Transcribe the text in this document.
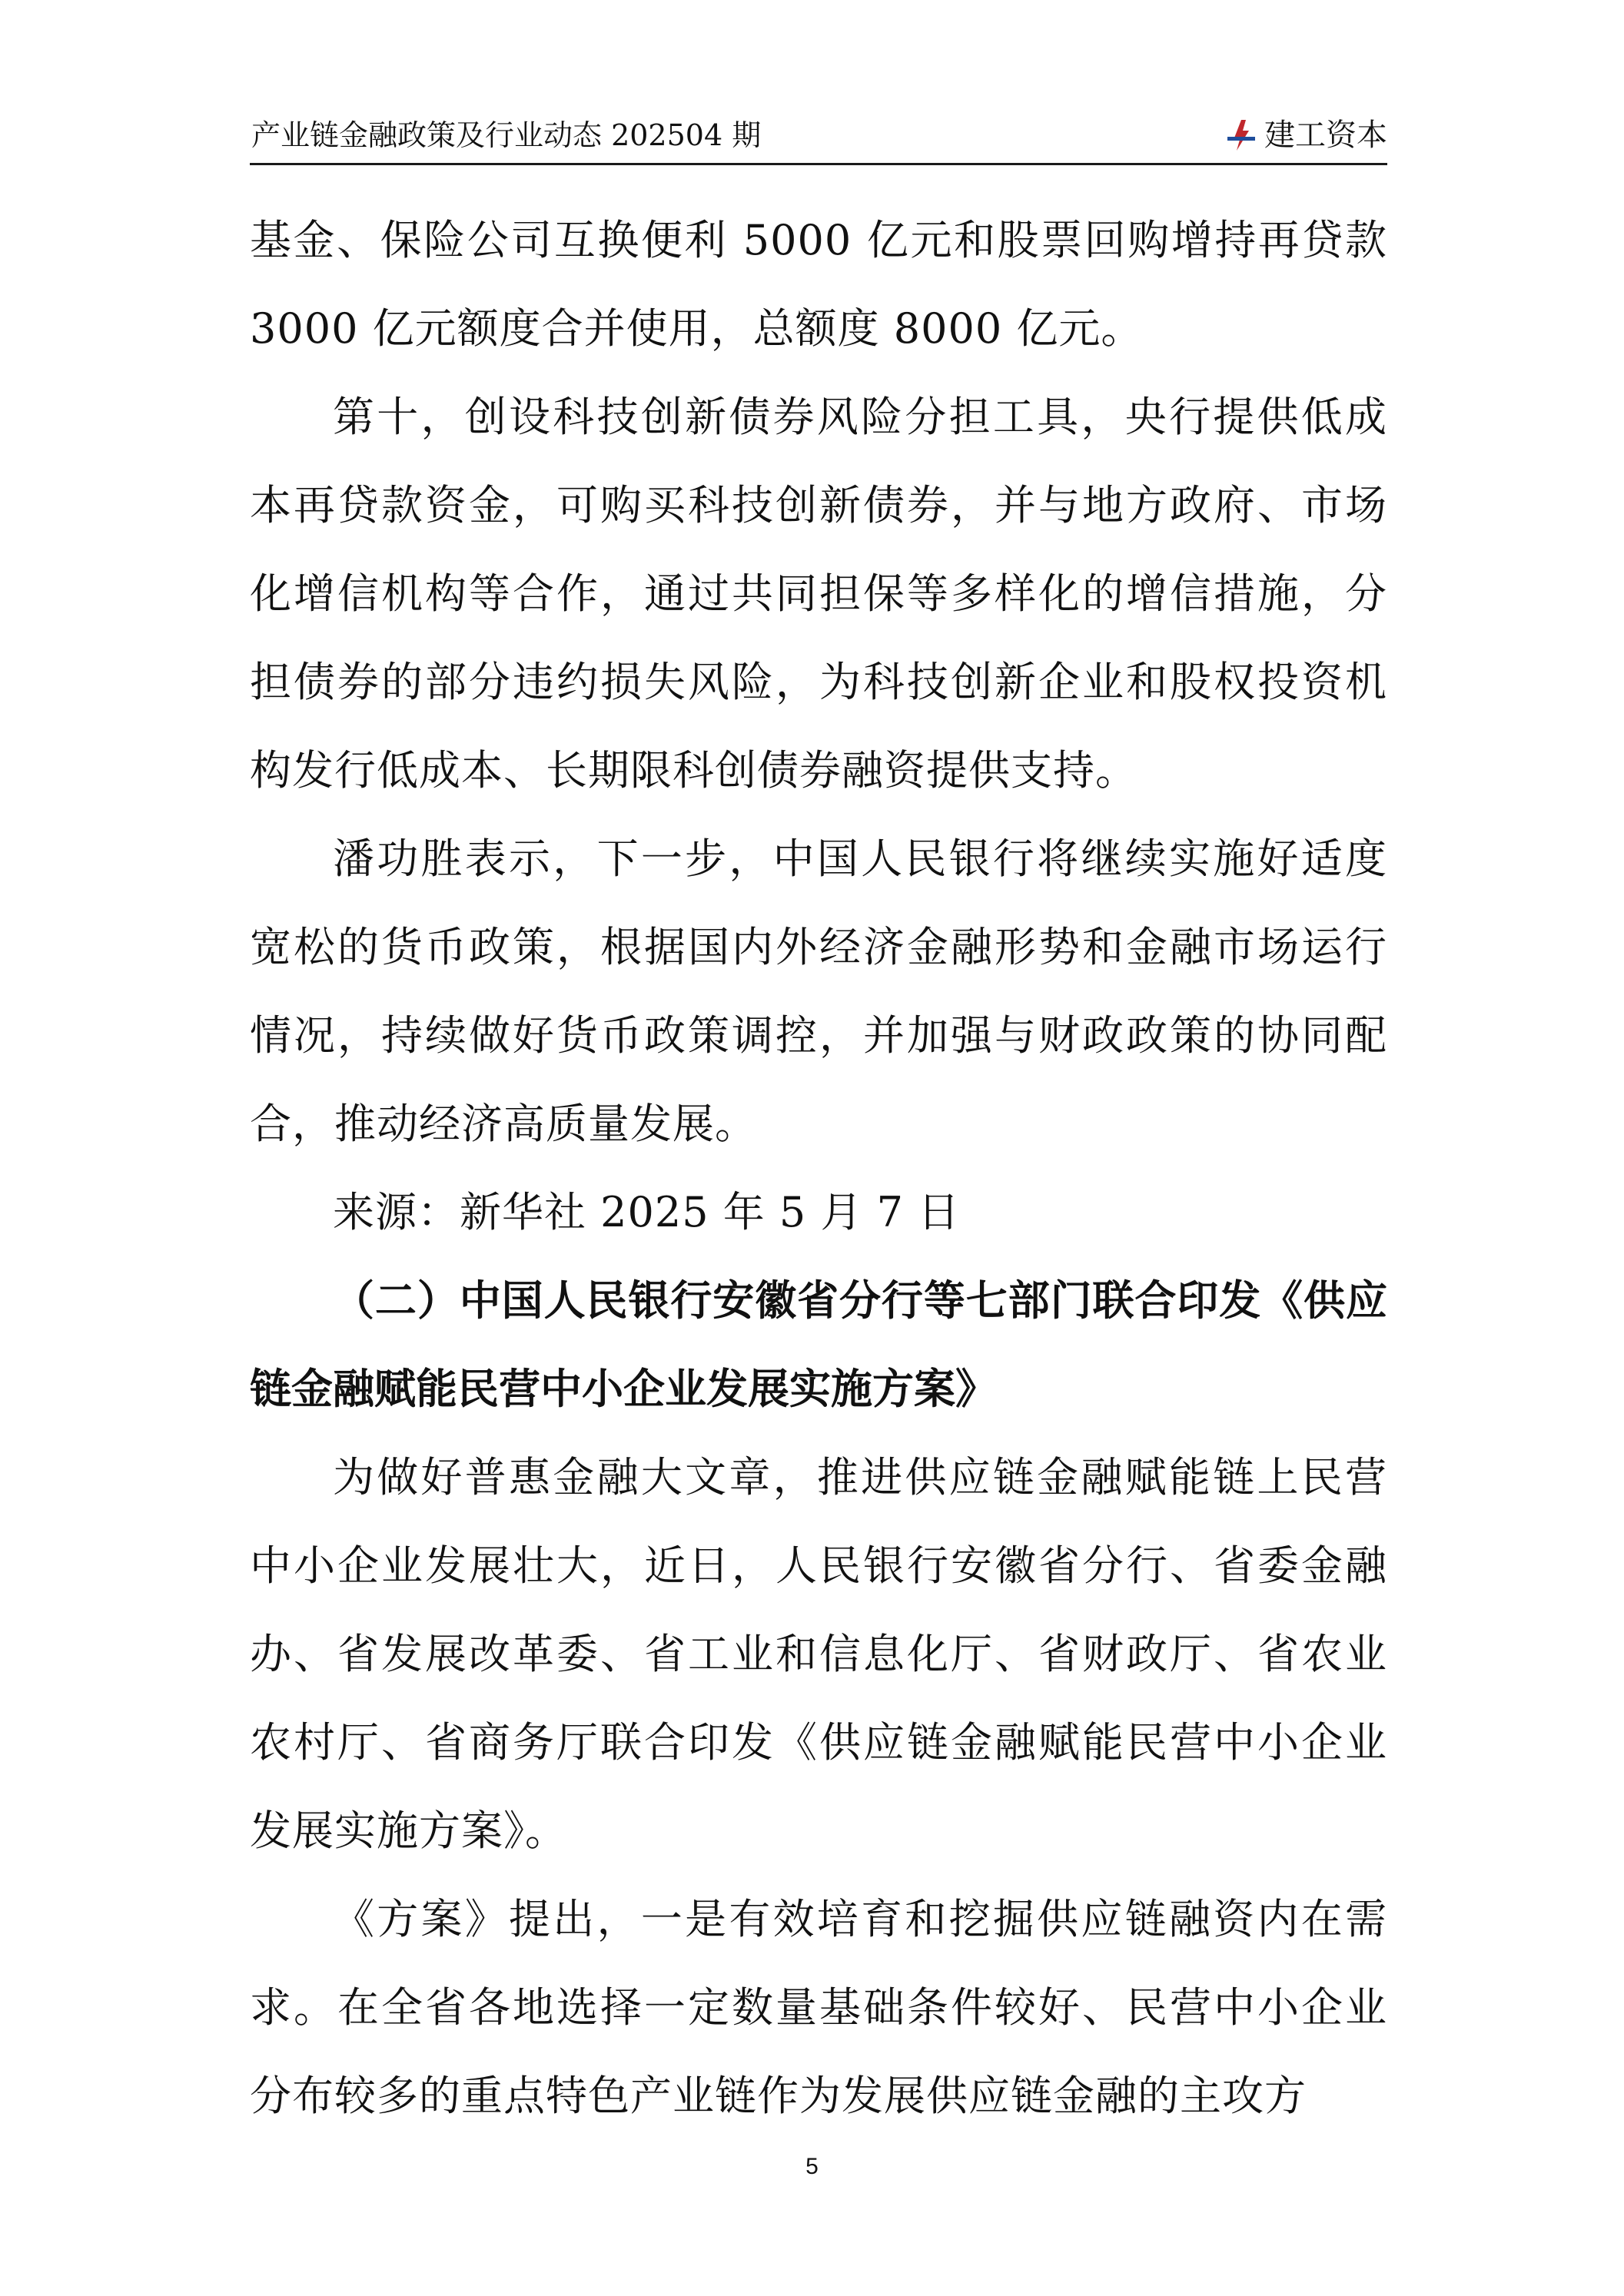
产业链金融政策及行业动态 202504 期	建工资本

基金、保险公司互换便利 5000 亿元和股票回购增持再贷款 3000 亿元额度合并使用，总额度 8000 亿元。

第十，创设科技创新债券风险分担工具，央行提供低成本再贷款资金，可购买科技创新债券，并与地方政府、市场化增信机构等合作，通过共同担保等多样化的增信措施，分担债券的部分违约损失风险，为科技创新企业和股权投资机构发行低成本、长期限科创债券融资提供支持。

潘功胜表示，下一步，中国人民银行将继续实施好适度宽松的货币政策，根据国内外经济金融形势和金融市场运行情况，持续做好货币政策调控，并加强与财政政策的协同配合，推动经济高质量发展。

来源：新华社 2025 年 5 月 7 日

（二）中国人民银行安徽省分行等七部门联合印发《供应链金融赋能民营中小企业发展实施方案》

为做好普惠金融大文章，推进供应链金融赋能链上民营中小企业发展壮大，近日，人民银行安徽省分行、省委金融办、省发展改革委、省工业和信息化厅、省财政厅、省农业农村厅、省商务厅联合印发《供应链金融赋能民营中小企业发展实施方案》。

《方案》提出，一是有效培育和挖掘供应链融资内在需求。在全省各地选择一定数量基础条件较好、民营中小企业分布较多的重点特色产业链作为发展供应链金融的主攻方

5
